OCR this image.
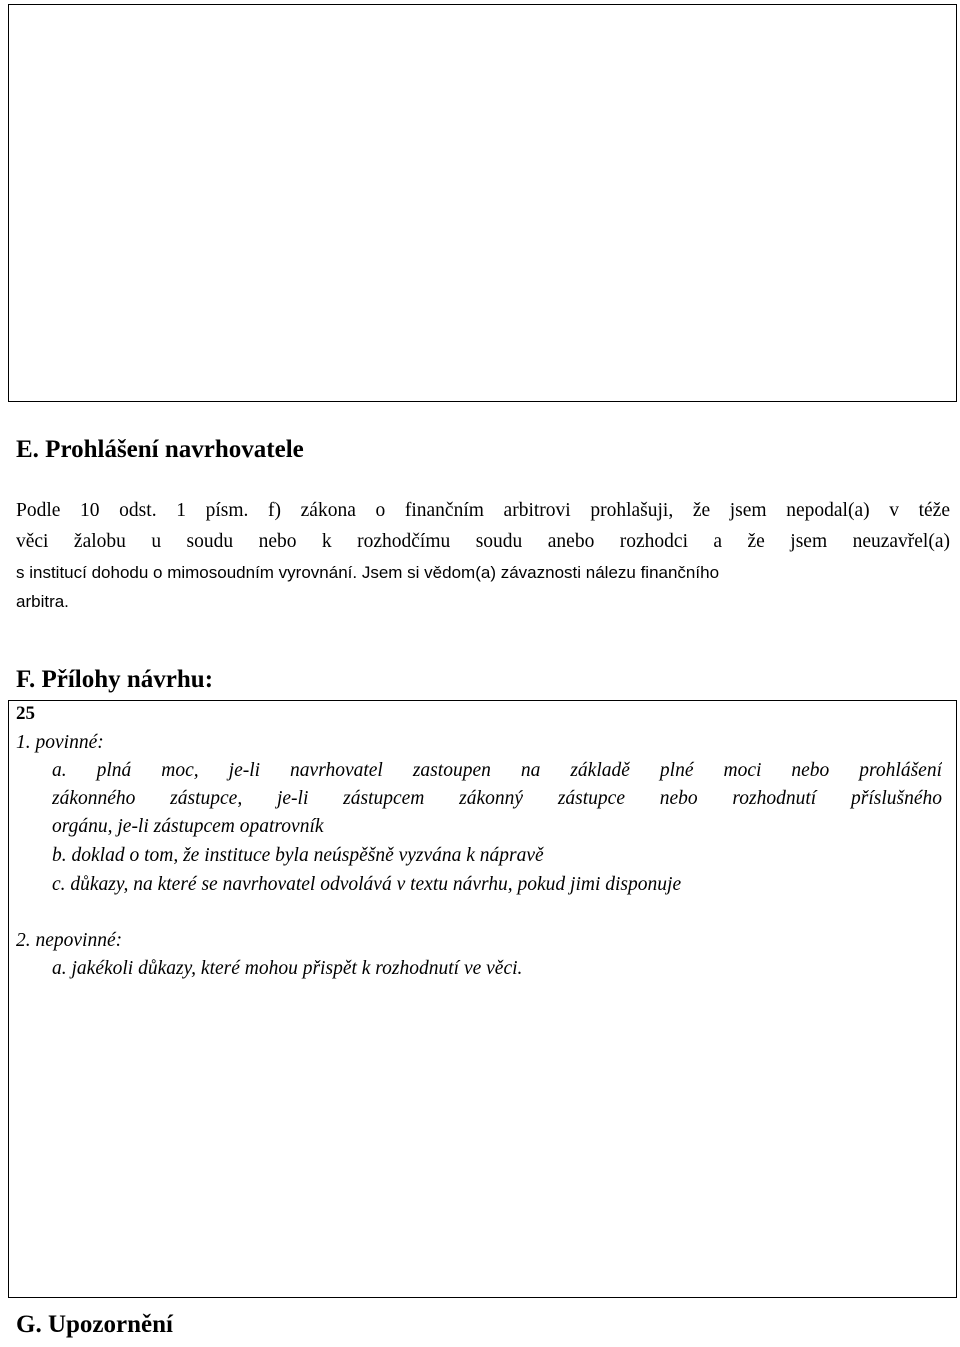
E. Prohlášení navrhovatele
Podle 10 odst. 1 písm. f) zákona o finančním arbitrovi prohlašuji, že jsem nepodal(a) v téže
věci žalobu u soudu nebo k rozhodčímu soudu anebo rozhodci a že jsem neuzavřel(a)
s institucí dohodu o mimosoudním vyrovnání. Jsem si vědom(a) závaznosti nálezu finančního
arbitra.
F. Přílohy návrhu:
25
1. povinné:
a. plná moc, je-li navrhovatel zastoupen na základě plné moci nebo prohlášení
zákonného zástupce, je-li zástupcem zákonný zástupce nebo rozhodnutí příslušného
orgánu, je-li zástupcem opatrovník
b. doklad o tom, že instituce byla neúspěšně vyzvána k nápravě
c. důkazy, na které se navrhovatel odvolává v textu návrhu, pokud jimi disponuje
2. nepovinné:
a. jakékoli důkazy, které mohou přispět k rozhodnutí ve věci.
G. Upozornění
